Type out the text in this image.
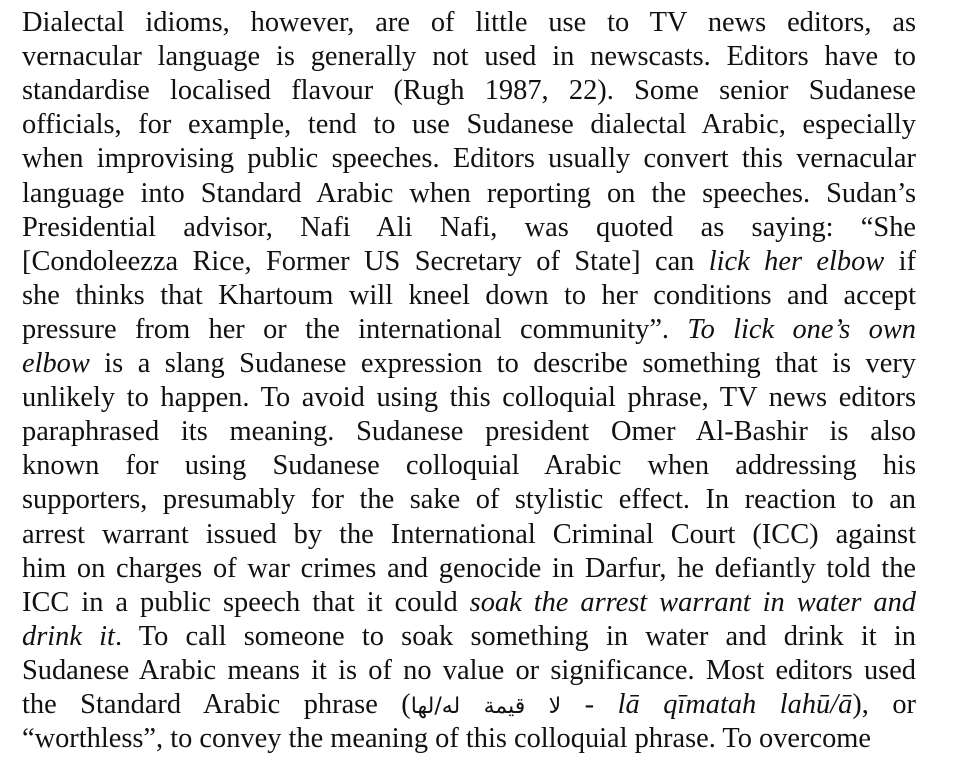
Dialectal idioms, however, are of little use to TV news editors, as
vernacular language is generally not used in newscasts. Editors have to
standardise localised flavour (Rugh 1987, 22). Some senior Sudanese
officials, for example, tend to use Sudanese dialectal Arabic, especially
when improvising public speeches. Editors usually convert this vernacular
language into Standard Arabic when reporting on the speeches. Sudan’s
Presidential advisor, Nafi Ali Nafi, was quoted as saying: “She
[Condoleezza Rice, Former US Secretary of State] can lick her elbow if
she thinks that Khartoum will kneel down to her conditions and accept
pressure from her or the international community”. To lick one’s own
elbow is a slang Sudanese expression to describe something that is very
unlikely to happen. To avoid using this colloquial phrase, TV news editors
paraphrased its meaning. Sudanese president Omer Al-Bashir is also
known for using Sudanese colloquial Arabic when addressing his
supporters, presumably for the sake of stylistic effect. In reaction to an
arrest warrant issued by the International Criminal Court (ICC) against
him on charges of war crimes and genocide in Darfur, he defiantly told the
ICC in a public speech that it could soak the arrest warrant in water and
drink it. To call someone to soak something in water and drink it in
Sudanese Arabic means it is of no value or significance. Most editors used
the Standard Arabic phrase (لا قيمة له/لها - lā qīmatah lahū/ā), or
“worthless”, to convey the meaning of this colloquial phrase. To overcome
